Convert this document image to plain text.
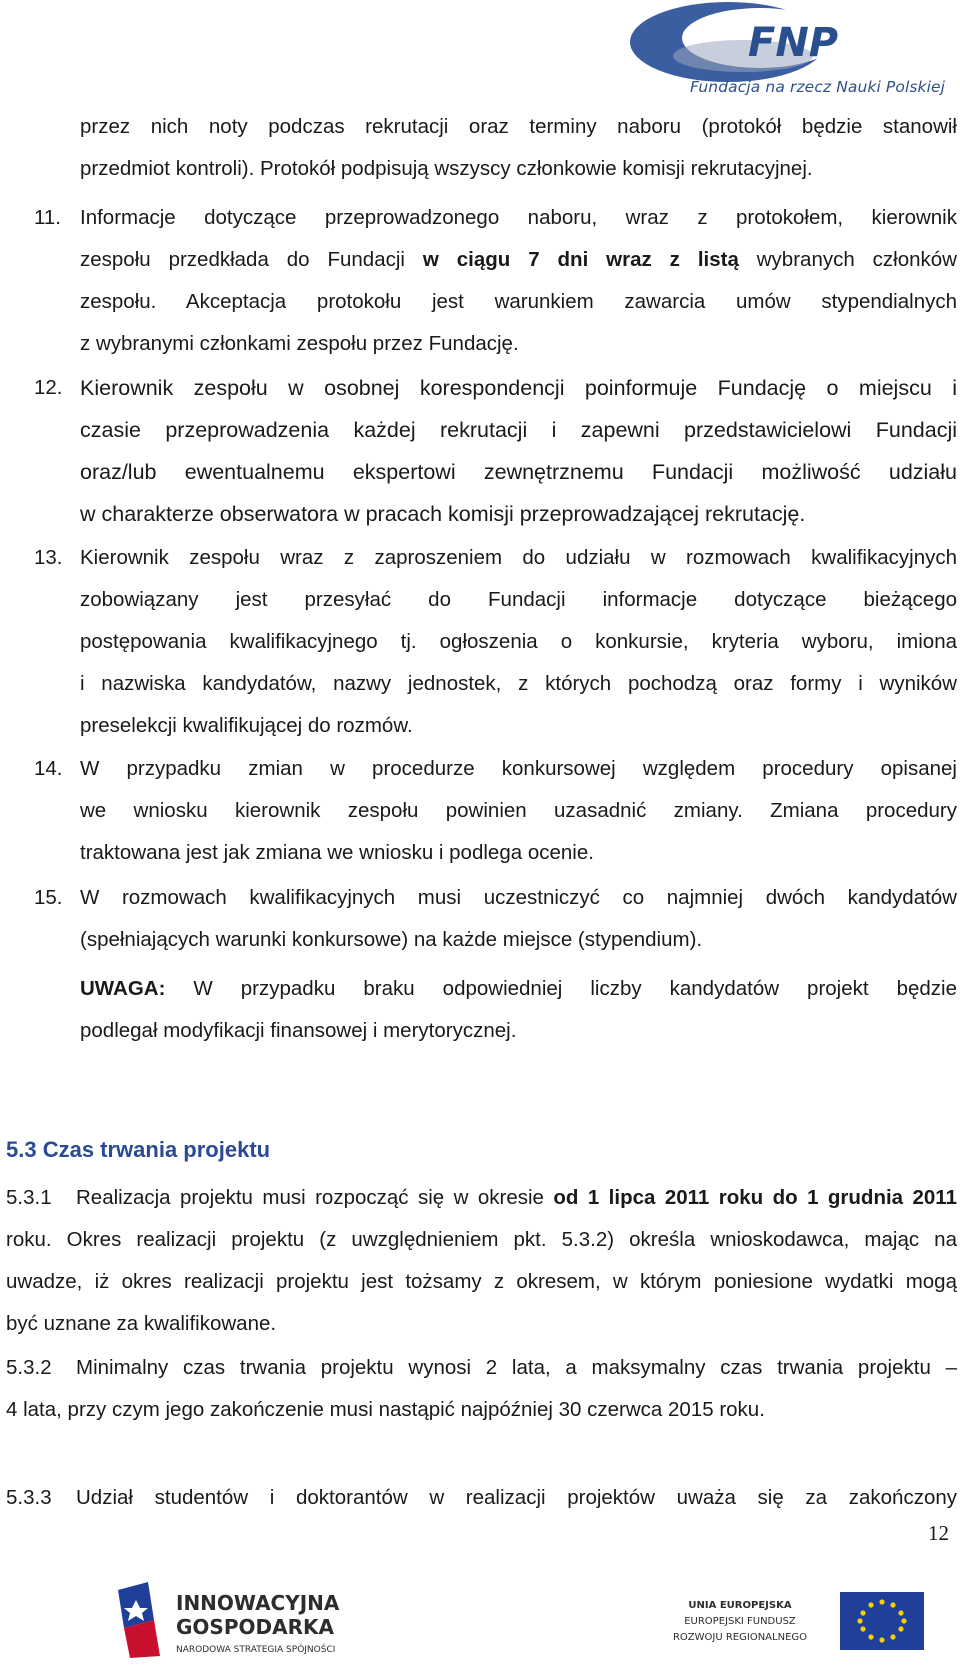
FNP
Fundacja na rzecz Nauki Polskiej
przez nich noty podczas rekrutacji oraz terminy naboru (protokół będzie stanowił
przedmiot kontroli). Protokół podpisują wszyscy członkowie komisji rekrutacyjnej.
11. Informacje dotyczące przeprowadzonego naboru, wraz z protokołem, kierownik
zespołu przedkłada do Fundacji w ciągu 7 dni wraz z listą wybranych członków
zespołu. Akceptacja protokołu jest warunkiem zawarcia umów stypendialnych
z wybranymi członkami zespołu przez Fundację.
12. Kierownik zespołu w osobnej korespondencji poinformuje Fundację o miejscu i
czasie przeprowadzenia każdej rekrutacji i zapewni przedstawicielowi Fundacji
oraz/lub ewentualnemu ekspertowi zewnętrznemu Fundacji możliwość udziału
w charakterze obserwatora w pracach komisji przeprowadzającej rekrutację.
13. Kierownik zespołu wraz z zaproszeniem do udziału w rozmowach kwalifikacyjnych
zobowiązany jest przesyłać do Fundacji informacje dotyczące bieżącego
postępowania kwalifikacyjnego tj. ogłoszenia o konkursie, kryteria wyboru, imiona
i nazwiska kandydatów, nazwy jednostek, z których pochodzą oraz formy i wyników
preselekcji kwalifikującej do rozmów.
14. W przypadku zmian w procedurze konkursowej względem procedury opisanej
we wniosku kierownik zespołu powinien uzasadnić zmiany. Zmiana procedury
traktowana jest jak zmiana we wniosku i podlega ocenie.
15. W rozmowach kwalifikacyjnych musi uczestniczyć co najmniej dwóch kandydatów
(spełniających warunki konkursowe) na każde miejsce (stypendium).
UWAGA: W przypadku braku odpowiedniej liczby kandydatów projekt będzie
podlegał modyfikacji finansowej i merytorycznej.
5.3 Czas trwania projektu
5.3.1 Realizacja projektu musi rozpocząć się w okresie od 1 lipca 2011 roku do 1 grudnia 2011
roku. Okres realizacji projektu (z uwzględnieniem pkt. 5.3.2) określa wnioskodawca, mając na
uwadze, iż okres realizacji projektu jest tożsamy z okresem, w którym poniesione wydatki mogą
być uznane za kwalifikowane.
5.3.2 Minimalny czas trwania projektu wynosi 2 lata, a maksymalny czas trwania projektu –
4 lata, przy czym jego zakończenie musi nastąpić najpóźniej 30 czerwca 2015 roku.
5.3.3 Udział studentów i doktorantów w realizacji projektów uważa się za zakończony
12
INNOWACYJNA
GOSPODARKA
NARODOWA STRATEGIA SPÓJNOŚCI
UNIA EUROPEJSKA
EUROPEJSKI FUNDUSZ
ROZWOJU REGIONALNEGO
